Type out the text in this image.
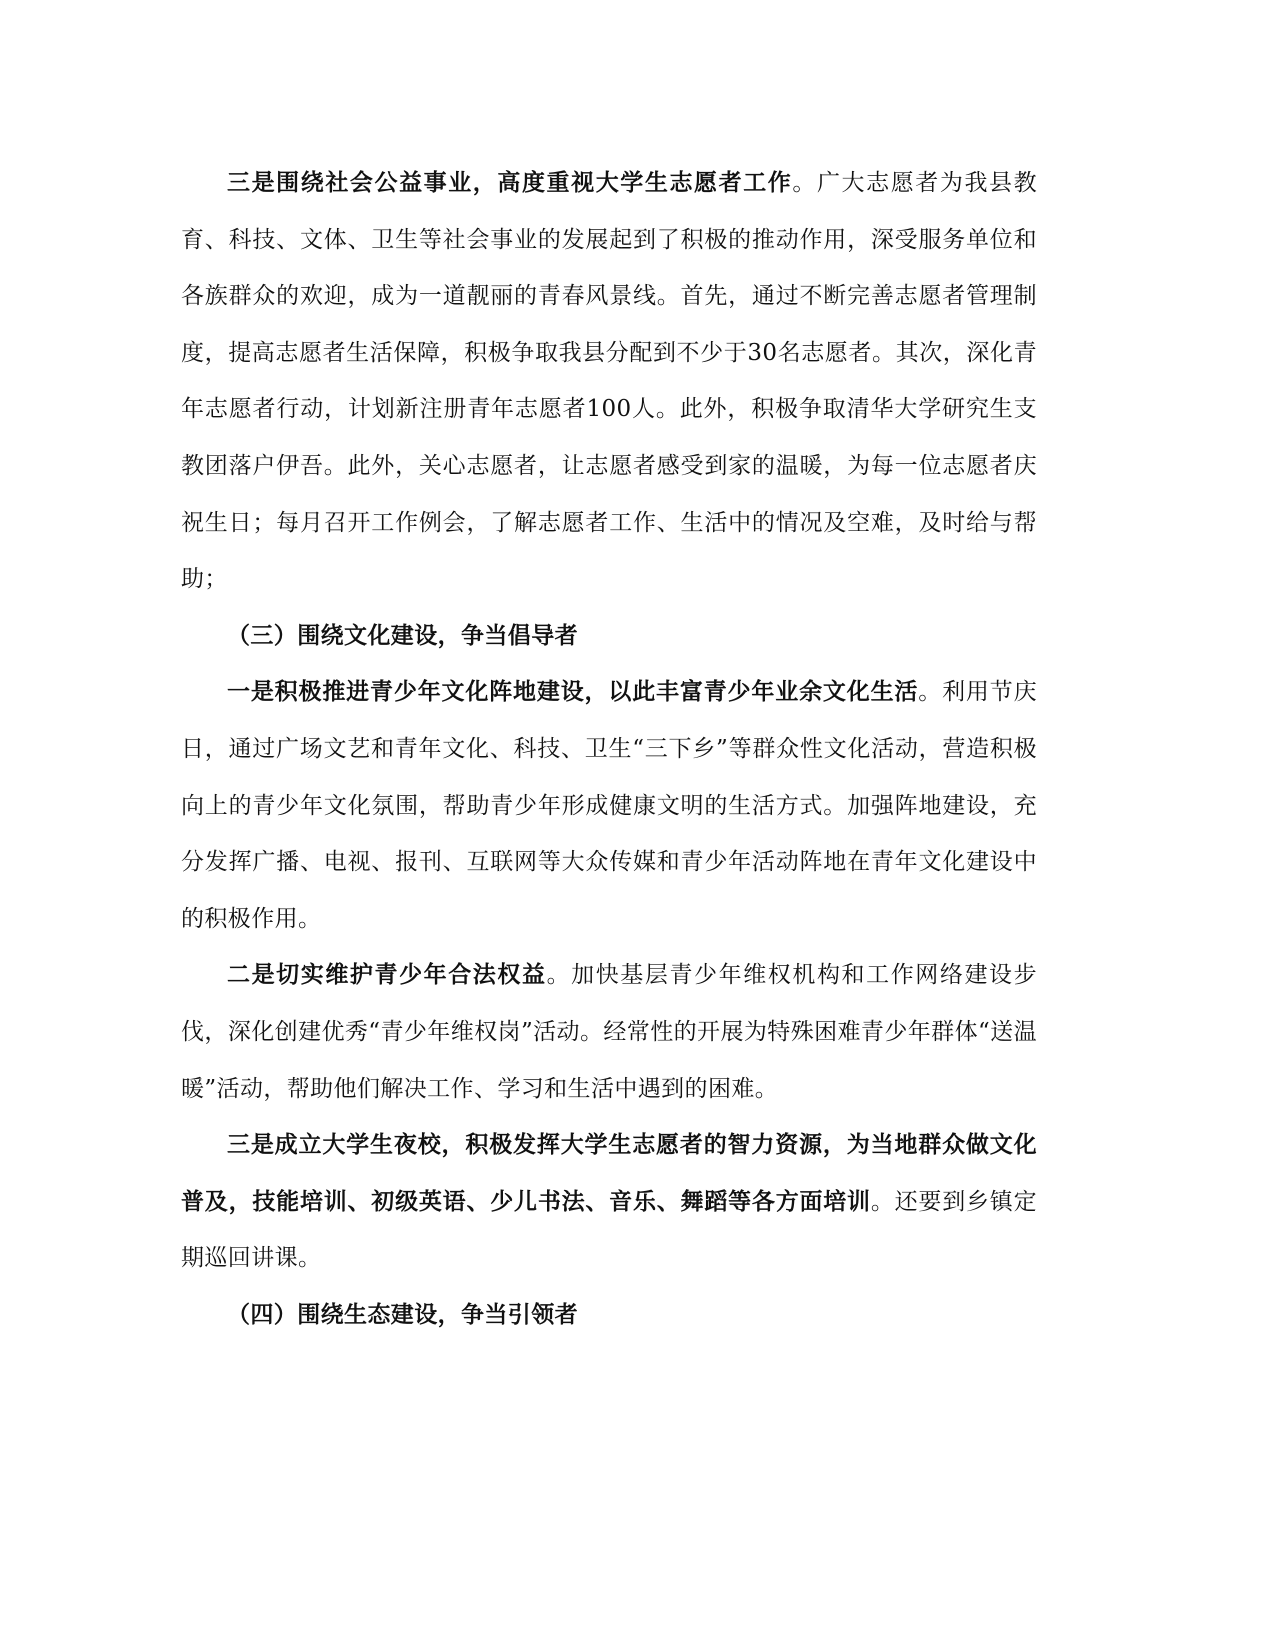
三是围绕社会公益事业，高度重视大学生志愿者工作。广大志愿者为我县教育、科技、文体、卫生等社会事业的发展起到了积极的推动作用，深受服务单位和各族群众的欢迎，成为一道靓丽的青春风景线。首先，通过不断完善志愿者管理制度，提高志愿者生活保障，积极争取我县分配到不少于30名志愿者。其次，深化青年志愿者行动，计划新注册青年志愿者100人。此外，积极争取清华大学研究生支教团落户伊吾。此外，关心志愿者，让志愿者感受到家的温暖，为每一位志愿者庆祝生日；每月召开工作例会，了解志愿者工作、生活中的情况及空难，及时给与帮助；

（三）围绕文化建设，争当倡导者

一是积极推进青少年文化阵地建设，以此丰富青少年业余文化生活。利用节庆日，通过广场文艺和青年文化、科技、卫生“三下乡”等群众性文化活动，营造积极向上的青少年文化氛围，帮助青少年形成健康文明的生活方式。加强阵地建设，充分发挥广播、电视、报刊、互联网等大众传媒和青少年活动阵地在青年文化建设中的积极作用。

二是切实维护青少年合法权益。加快基层青少年维权机构和工作网络建设步伐，深化创建优秀“青少年维权岗”活动。经常性的开展为特殊困难青少年群体“送温暖”活动，帮助他们解决工作、学习和生活中遇到的困难。

三是成立大学生夜校，积极发挥大学生志愿者的智力资源，为当地群众做文化普及，技能培训、初级英语、少儿书法、音乐、舞蹈等各方面培训。还要到乡镇定期巡回讲课。

（四）围绕生态建设，争当引领者
